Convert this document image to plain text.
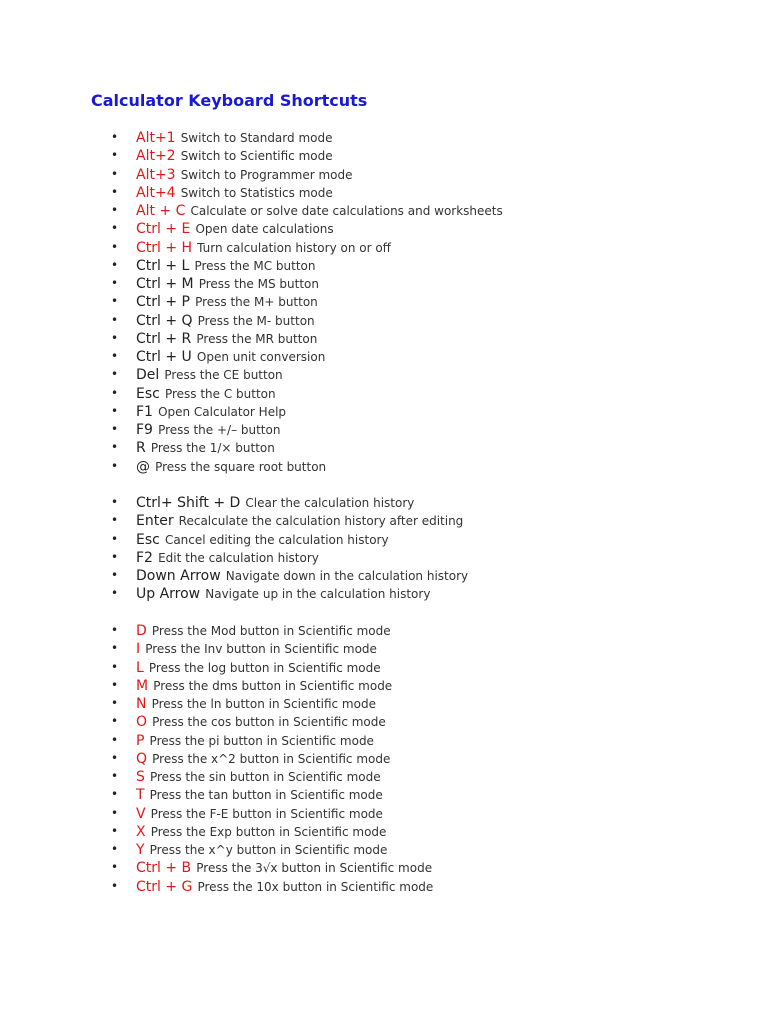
Calculator Keyboard Shortcuts
• Alt+1 Switch to Standard mode
• Alt+2 Switch to Scientific mode
• Alt+3 Switch to Programmer mode
• Alt+4 Switch to Statistics mode
• Alt + C Calculate or solve date calculations and worksheets
• Ctrl + E Open date calculations
• Ctrl + H Turn calculation history on or off
• Ctrl + L Press the MC button
• Ctrl + M Press the MS button
• Ctrl + P Press the M+ button
• Ctrl + Q Press the M- button
• Ctrl + R Press the MR button
• Ctrl + U Open unit conversion
• Del Press the CE button
• Esc Press the C button
• F1 Open Calculator Help
• F9 Press the +/– button
• R Press the 1/× button
• @ Press the square root button
• Ctrl+ Shift + D Clear the calculation history
• Enter Recalculate the calculation history after editing
• Esc Cancel editing the calculation history
• F2 Edit the calculation history
• Down Arrow Navigate down in the calculation history
• Up Arrow Navigate up in the calculation history
• D Press the Mod button in Scientific mode
• I Press the Inv button in Scientific mode
• L Press the log button in Scientific mode
• M Press the dms button in Scientific mode
• N Press the ln button in Scientific mode
• O Press the cos button in Scientific mode
• P Press the pi button in Scientific mode
• Q Press the x^2 button in Scientific mode
• S Press the sin button in Scientific mode
• T Press the tan button in Scientific mode
• V Press the F-E button in Scientific mode
• X Press the Exp button in Scientific mode
• Y Press the x^y button in Scientific mode
• Ctrl + B Press the 3√x button in Scientific mode
• Ctrl + G Press the 10x button in Scientific mode
